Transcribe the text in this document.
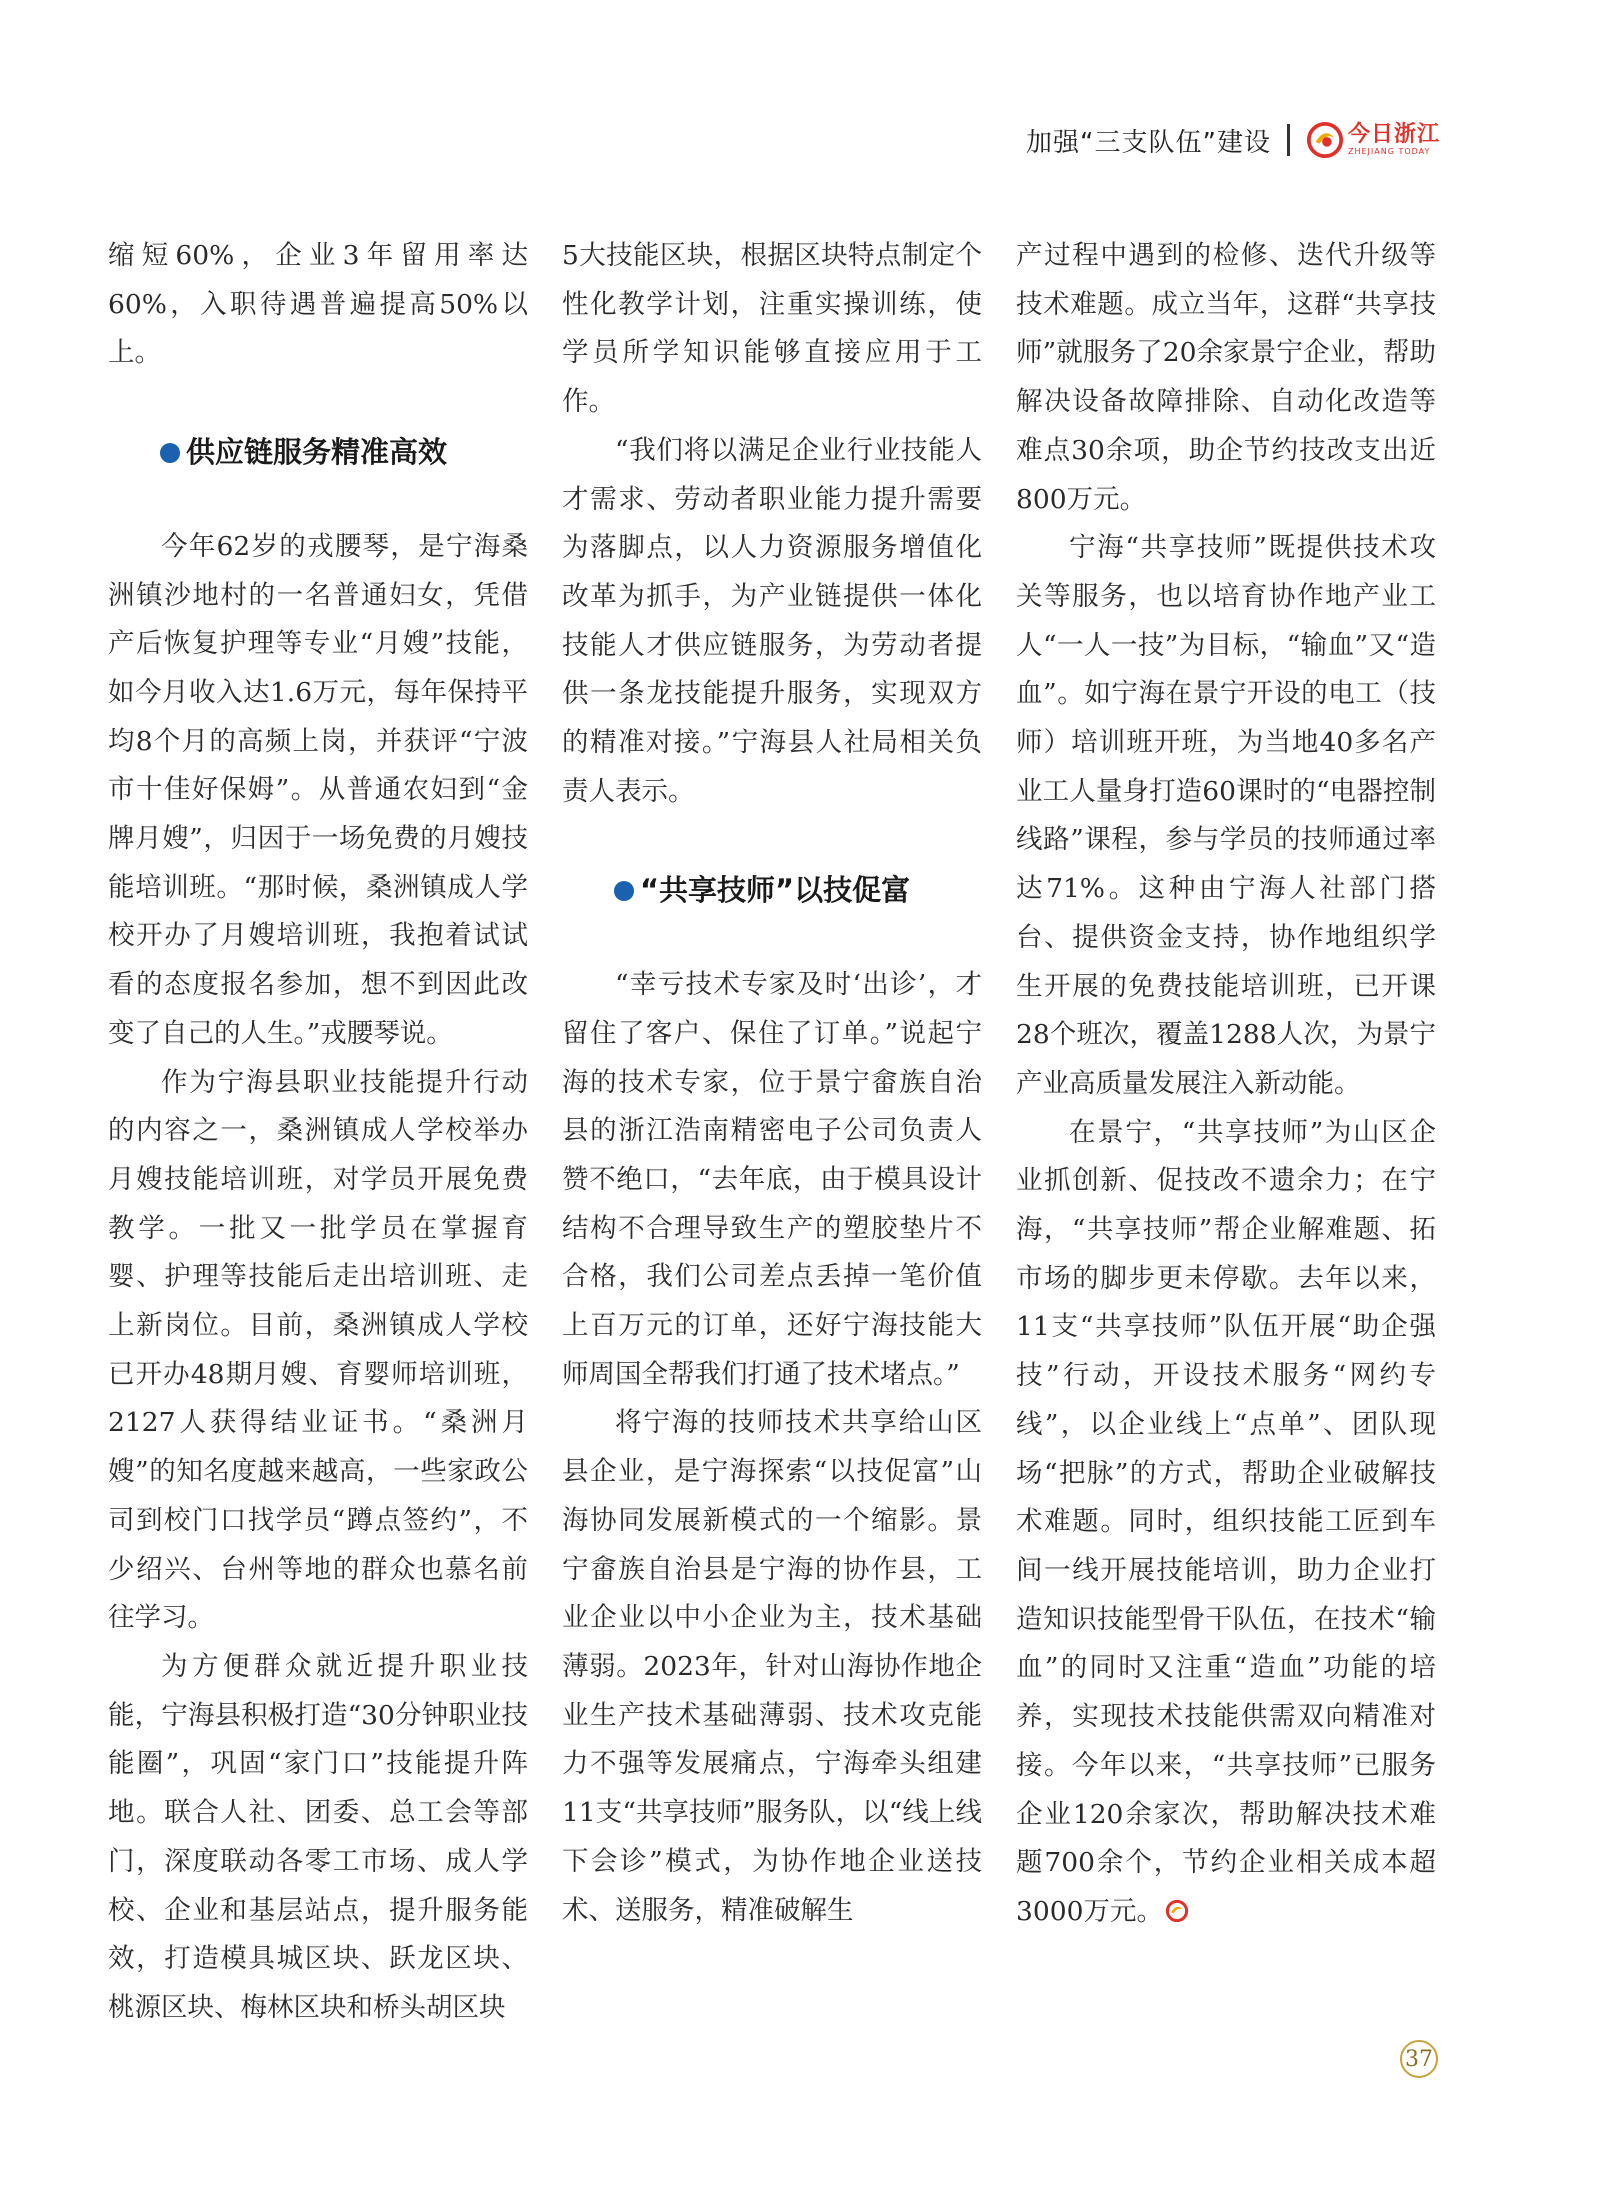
加强“三支队伍”建设	今日浙江
ZHEJIANG TODAY

缩短60%，企业3年留用率达60%，入职待遇普遍提高50%以上。

供应链服务精准高效

今年62岁的戎腰琴，是宁海桑洲镇沙地村的一名普通妇女，凭借产后恢复护理等专业“月嫂”技能，如今月收入达1.6万元，每年保持平均8个月的高频上岗，并获评“宁波市十佳好保姆”。从普通农妇到“金牌月嫂”，归因于一场免费的月嫂技能培训班。“那时候，桑洲镇成人学校开办了月嫂培训班，我抱着试试看的态度报名参加，想不到因此改变了自己的人生。”戎腰琴说。

作为宁海县职业技能提升行动的内容之一，桑洲镇成人学校举办月嫂技能培训班，对学员开展免费教学。一批又一批学员在掌握育婴、护理等技能后走出培训班、走上新岗位。目前，桑洲镇成人学校已开办48期月嫂、育婴师培训班，2127人获得结业证书。“桑洲月嫂”的知名度越来越高，一些家政公司到校门口找学员“蹲点签约”，不少绍兴、台州等地的群众也慕名前往学习。

为方便群众就近提升职业技能，宁海县积极打造“30分钟职业技能圈”，巩固“家门口”技能提升阵地。联合人社、团委、总工会等部门，深度联动各零工市场、成人学校、企业和基层站点，提升服务能效，打造模具城区块、跃龙区块、桃源区块、梅林区块和桥头胡区块

5大技能区块，根据区块特点制定个性化教学计划，注重实操训练，使学员所学知识能够直接应用于工作。

“我们将以满足企业行业技能人才需求、劳动者职业能力提升需要为落脚点，以人力资源服务增值化改革为抓手，为产业链提供一体化技能人才供应链服务，为劳动者提供一条龙技能提升服务，实现双方的精准对接。”宁海县人社局相关负责人表示。

“共享技师”以技促富

“幸亏技术专家及时‘出诊’，才留住了客户、保住了订单。”说起宁海的技术专家，位于景宁畲族自治县的浙江浩南精密电子公司负责人赞不绝口，“去年底，由于模具设计结构不合理导致生产的塑胶垫片不合格，我们公司差点丢掉一笔价值上百万元的订单，还好宁海技能大师周国全帮我们打通了技术堵点。”

将宁海的技师技术共享给山区县企业，是宁海探索“以技促富”山海协同发展新模式的一个缩影。景宁畲族自治县是宁海的协作县，工业企业以中小企业为主，技术基础薄弱。2023年，针对山海协作地企业生产技术基础薄弱、技术攻克能力不强等发展痛点，宁海牵头组建11支“共享技师”服务队，以“线上线下会诊”模式，为协作地企业送技术、送服务，精准破解生

产过程中遇到的检修、迭代升级等技术难题。成立当年，这群“共享技师”就服务了20余家景宁企业，帮助解决设备故障排除、自动化改造等难点30余项，助企节约技改支出近800万元。

宁海“共享技师”既提供技术攻关等服务，也以培育协作地产业工人“一人一技”为目标，“输血”又“造血”。如宁海在景宁开设的电工（技师）培训班开班，为当地40多名产业工人量身打造60课时的“电器控制线路”课程，参与学员的技师通过率达71%。这种由宁海人社部门搭台、提供资金支持，协作地组织学生开展的免费技能培训班，已开课28个班次，覆盖1288人次，为景宁产业高质量发展注入新动能。

在景宁，“共享技师”为山区企业抓创新、促技改不遗余力；在宁海，“共享技师”帮企业解难题、拓市场的脚步更未停歇。去年以来，11支“共享技师”队伍开展“助企强技”行动，开设技术服务“网约专线”，以企业线上“点单”、团队现场“把脉”的方式，帮助企业破解技术难题。同时，组织技能工匠到车间一线开展技能培训，助力企业打造知识技能型骨干队伍，在技术“输血”的同时又注重“造血”功能的培养，实现技术技能供需双向精准对接。今年以来，“共享技师”已服务企业120余家次，帮助解决技术难题700余个，节约企业相关成本超3000万元。

37
